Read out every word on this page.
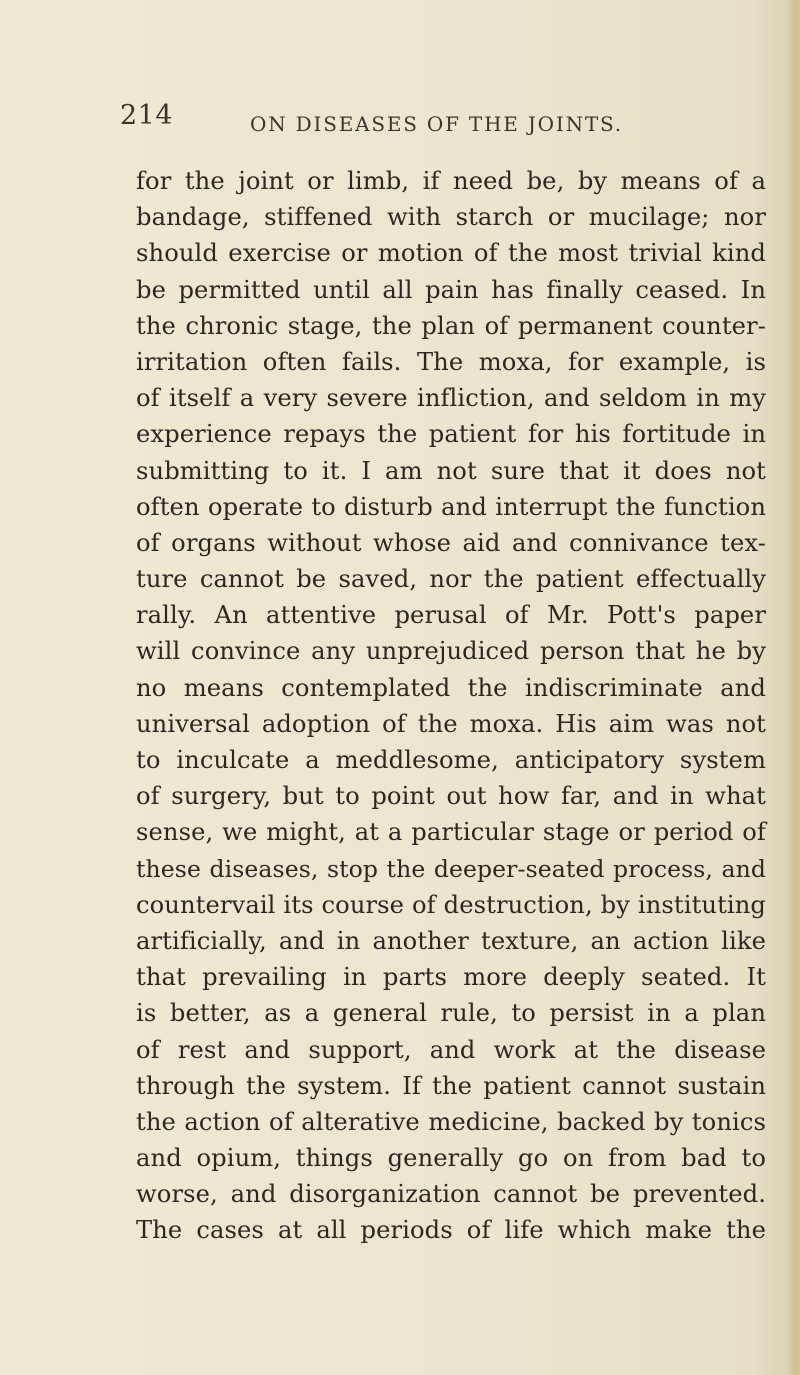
214	ON DISEASES OF THE JOINTS.
for the joint or limb, if need be, by means of a
bandage, stiffened with starch or mucilage; nor
should exercise or motion of the most trivial kind
be permitted until all pain has finally ceased. In
the chronic stage, the plan of permanent counter-
irritation often fails. The moxa, for example, is
of itself a very severe infliction, and seldom in my
experience repays the patient for his fortitude in
submitting to it. I am not sure that it does not
often operate to disturb and interrupt the function
of organs without whose aid and connivance tex-
ture cannot be saved, nor the patient effectually
rally. An attentive perusal of Mr. Pott's paper
will convince any unprejudiced person that he by
no means contemplated the indiscriminate and
universal adoption of the moxa. His aim was not
to inculcate a meddlesome, anticipatory system
of surgery, but to point out how far, and in what
sense, we might, at a particular stage or period of
these diseases, stop the deeper-seated process, and
countervail its course of destruction, by instituting
artificially, and in another texture, an action like
that prevailing in parts more deeply seated. It
is better, as a general rule, to persist in a plan
of rest and support, and work at the disease
through the system. If the patient cannot sustain
the action of alterative medicine, backed by tonics
and opium, things generally go on from bad to
worse, and disorganization cannot be prevented.
The cases at all periods of life which make the
